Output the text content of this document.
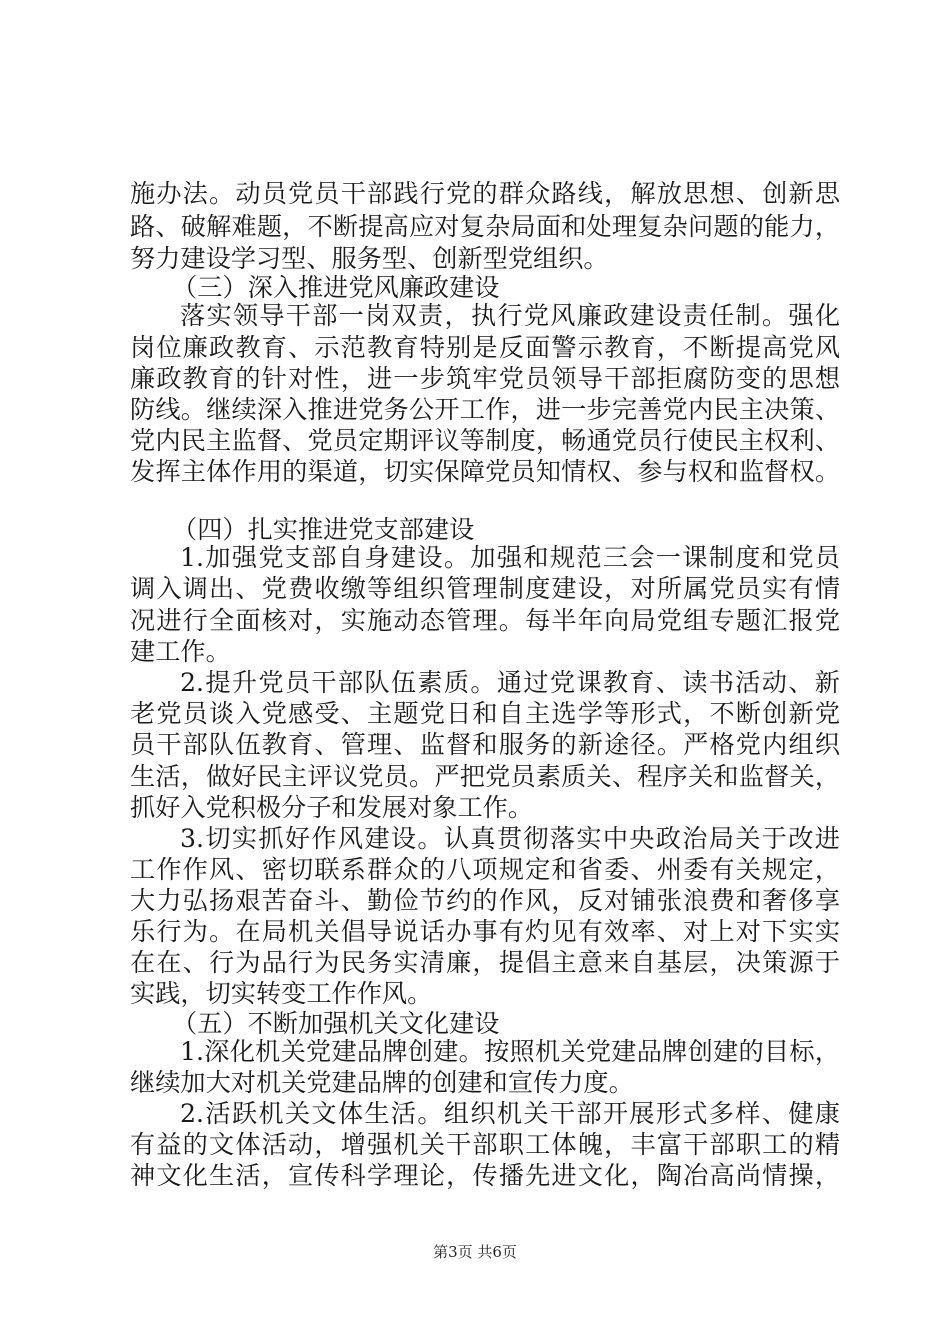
施办法。动员党员干部践行党的群众路线，解放思想、创新思
路、破解难题，不断提高应对复杂局面和处理复杂问题的能力，
努力建设学习型、服务型、创新型党组织。
（三）深入推进党风廉政建设
落实领导干部一岗双责，执行党风廉政建设责任制。强化
岗位廉政教育、示范教育特别是反面警示教育，不断提高党风
廉政教育的针对性，进一步筑牢党员领导干部拒腐防变的思想
防线。继续深入推进党务公开工作，进一步完善党内民主决策、
党内民主监督、党员定期评议等制度，畅通党员行使民主权利、
发挥主体作用的渠道，切实保障党员知情权、参与权和监督权。
（四）扎实推进党支部建设
1.加强党支部自身建设。加强和规范三会一课制度和党员
调入调出、党费收缴等组织管理制度建设，对所属党员实有情
况进行全面核对，实施动态管理。每半年向局党组专题汇报党
建工作。
2.提升党员干部队伍素质。通过党课教育、读书活动、新
老党员谈入党感受、主题党日和自主选学等形式，不断创新党
员干部队伍教育、管理、监督和服务的新途径。严格党内组织
生活，做好民主评议党员。严把党员素质关、程序关和监督关，
抓好入党积极分子和发展对象工作。
3.切实抓好作风建设。认真贯彻落实中央政治局关于改进
工作作风、密切联系群众的八项规定和省委、州委有关规定，
大力弘扬艰苦奋斗、勤俭节约的作风，反对铺张浪费和奢侈享
乐行为。在局机关倡导说话办事有灼见有效率、对上对下实实
在在、行为品行为民务实清廉，提倡主意来自基层，决策源于
实践，切实转变工作作风。
（五）不断加强机关文化建设
1.深化机关党建品牌创建。按照机关党建品牌创建的目标，
继续加大对机关党建品牌的创建和宣传力度。
2.活跃机关文体生活。组织机关干部开展形式多样、健康
有益的文体活动，增强机关干部职工体魄，丰富干部职工的精
神文化生活，宣传科学理论，传播先进文化，陶冶高尚情操，
第3页 共6页
